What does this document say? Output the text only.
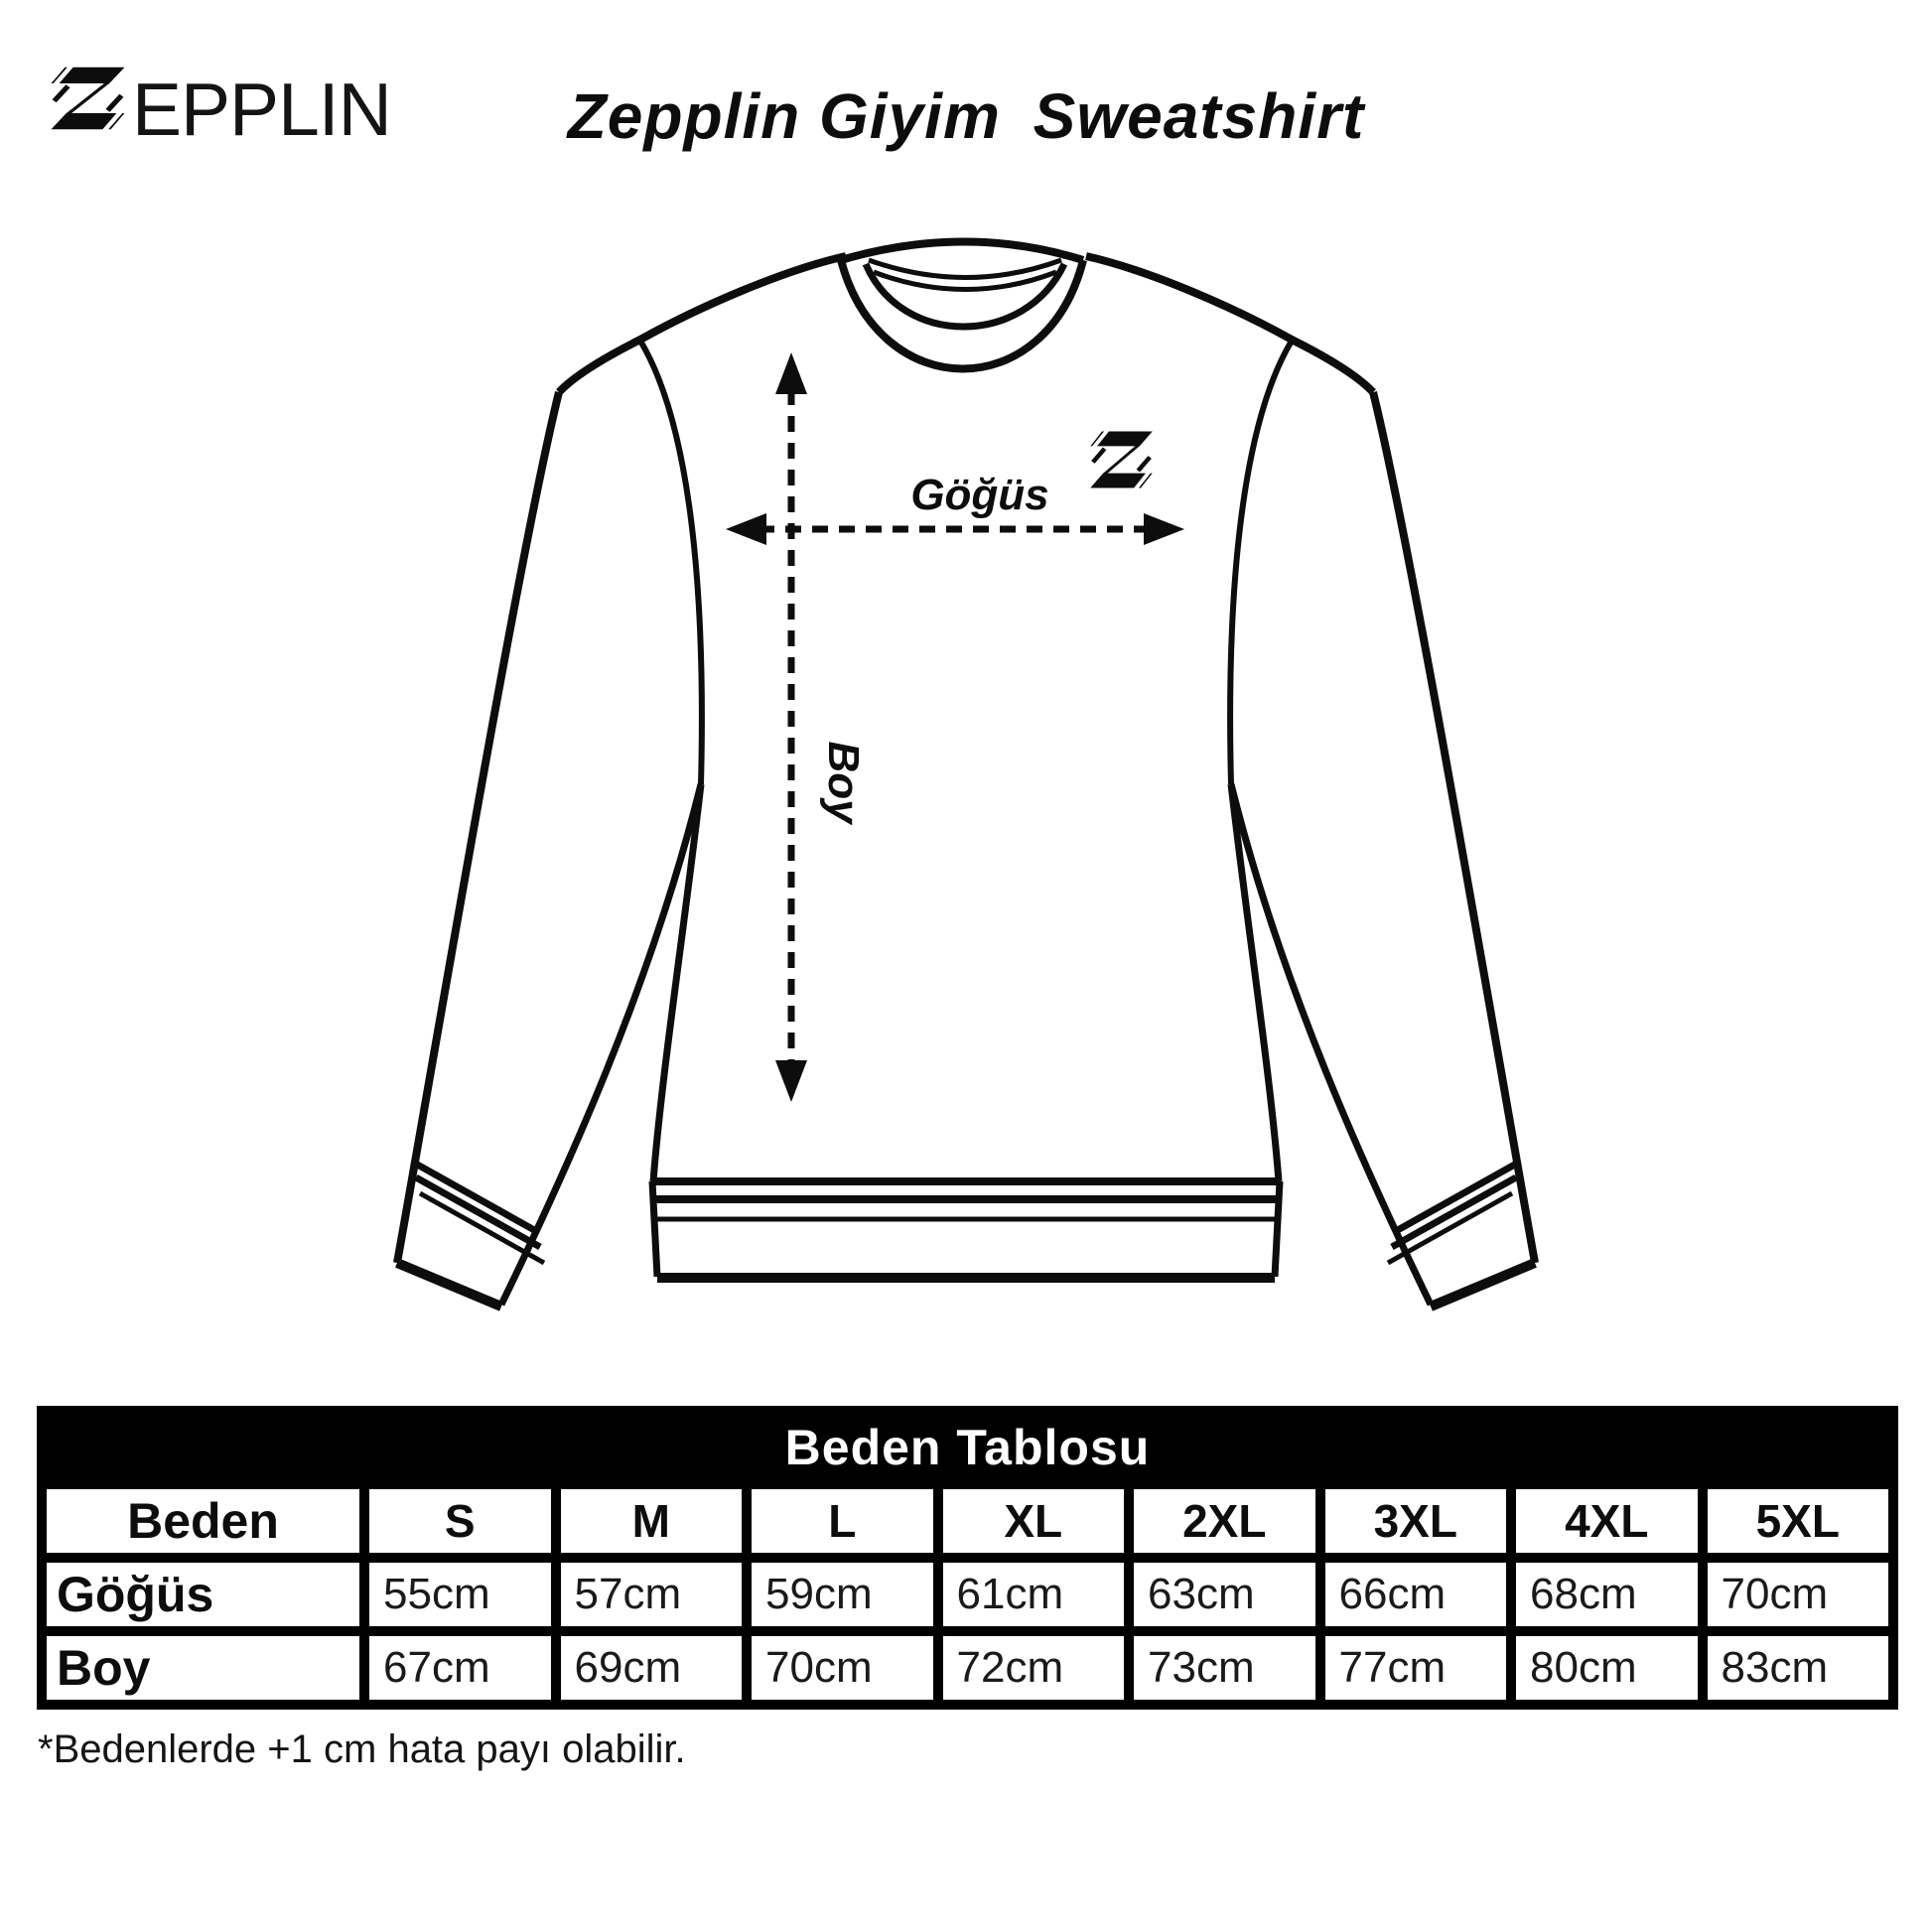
EPPLIN
Göğüs
Boy
Zepplin Giyim Sweatshirt
Beden Tablosu
Beden	S	M	L	XL	2XL	3XL	4XL	5XL
Göğüs	55cm	57cm	59cm	61cm	63cm	66cm	68cm	70cm
Boy	67cm	69cm	70cm	72cm	73cm	77cm	80cm	83cm
*Bedenlerde +1 cm hata payı olabilir.
